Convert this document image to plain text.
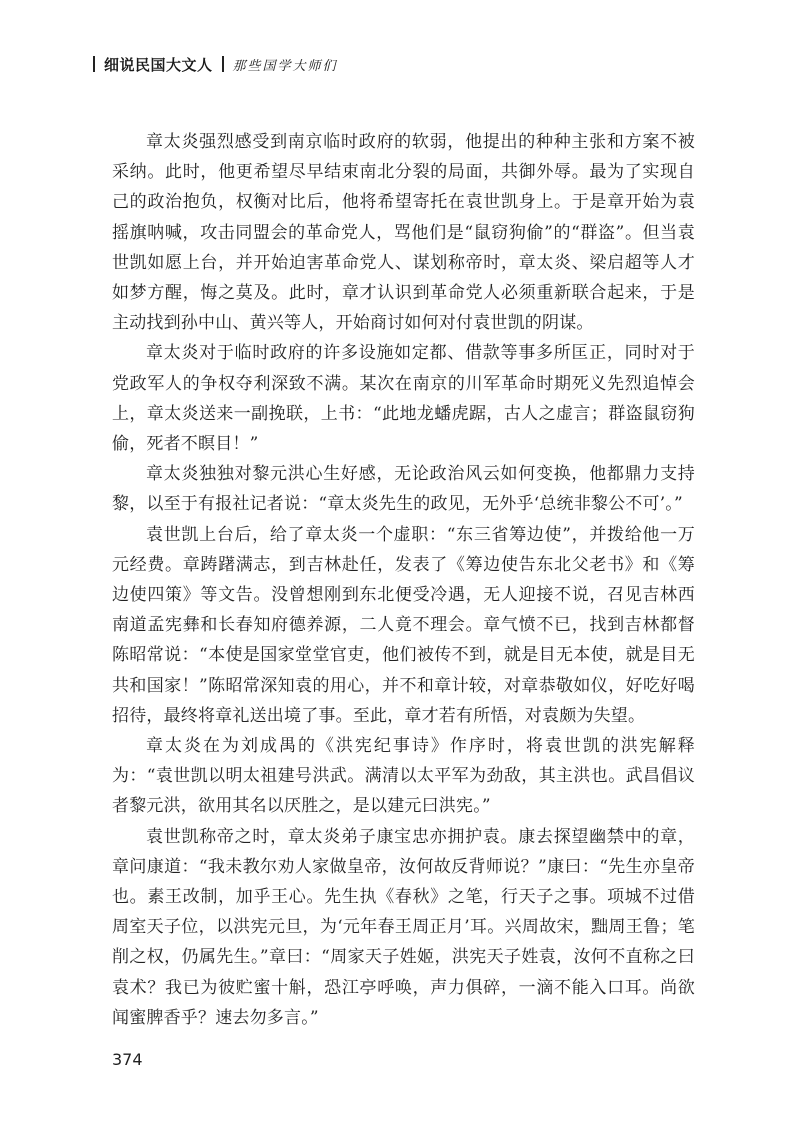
细说民国大文人 那些国学大师们

章太炎强烈感受到南京临时政府的软弱，他提出的种种主张和方案不被采纳。此时，他更希望尽早结束南北分裂的局面，共御外辱。最为了实现自己的政治抱负，权衡对比后，他将希望寄托在袁世凯身上。于是章开始为袁摇旗呐喊，攻击同盟会的革命党人，骂他们是“鼠窃狗偷”的“群盗”。但当袁世凯如愿上台，并开始迫害革命党人、谋划称帝时，章太炎、梁启超等人才如梦方醒，悔之莫及。此时，章才认识到革命党人必须重新联合起来，于是主动找到孙中山、黄兴等人，开始商讨如何对付袁世凯的阴谋。

章太炎对于临时政府的许多设施如定都、借款等事多所匡正，同时对于党政军人的争权夺利深致不满。某次在南京的川军革命时期死义先烈追悼会上，章太炎送来一副挽联，上书：“此地龙蟠虎踞，古人之虚言；群盗鼠窃狗偷，死者不瞑目！”

章太炎独独对黎元洪心生好感，无论政治风云如何变换，他都鼎力支持黎，以至于有报社记者说：“章太炎先生的政见，无外乎‘总统非黎公不可’。”

袁世凯上台后，给了章太炎一个虚职：“东三省筹边使”，并拨给他一万元经费。章踌躇满志，到吉林赴任，发表了《筹边使告东北父老书》和《筹边使四策》等文告。没曾想刚到东北便受冷遇，无人迎接不说，召见吉林西南道孟宪彝和长春知府德养源，二人竟不理会。章气愤不已，找到吉林都督陈昭常说：“本使是国家堂堂官吏，他们被传不到，就是目无本使，就是目无共和国家！”陈昭常深知袁的用心，并不和章计较，对章恭敬如仪，好吃好喝招待，最终将章礼送出境了事。至此，章才若有所悟，对袁颇为失望。

章太炎在为刘成禺的《洪宪纪事诗》作序时，将袁世凯的洪宪解释为：“袁世凯以明太祖建号洪武。满清以太平军为劲敌，其主洪也。武昌倡议者黎元洪，欲用其名以厌胜之，是以建元曰洪宪。”

袁世凯称帝之时，章太炎弟子康宝忠亦拥护袁。康去探望幽禁中的章，章问康道：“我未教尔劝人家做皇帝，汝何故反背师说？”康曰：“先生亦皇帝也。素王改制，加乎王心。先生执《春秋》之笔，行天子之事。项城不过借周室天子位，以洪宪元旦，为‘元年春王周正月’耳。兴周故宋，黜周王鲁；笔削之权，仍属先生。”章曰：“周家天子姓姬，洪宪天子姓袁，汝何不直称之曰袁术？我已为彼贮蜜十斛，恐江亭呼唤，声力俱碎，一滴不能入口耳。尚欲闻蜜脾香乎？速去勿多言。”

374
